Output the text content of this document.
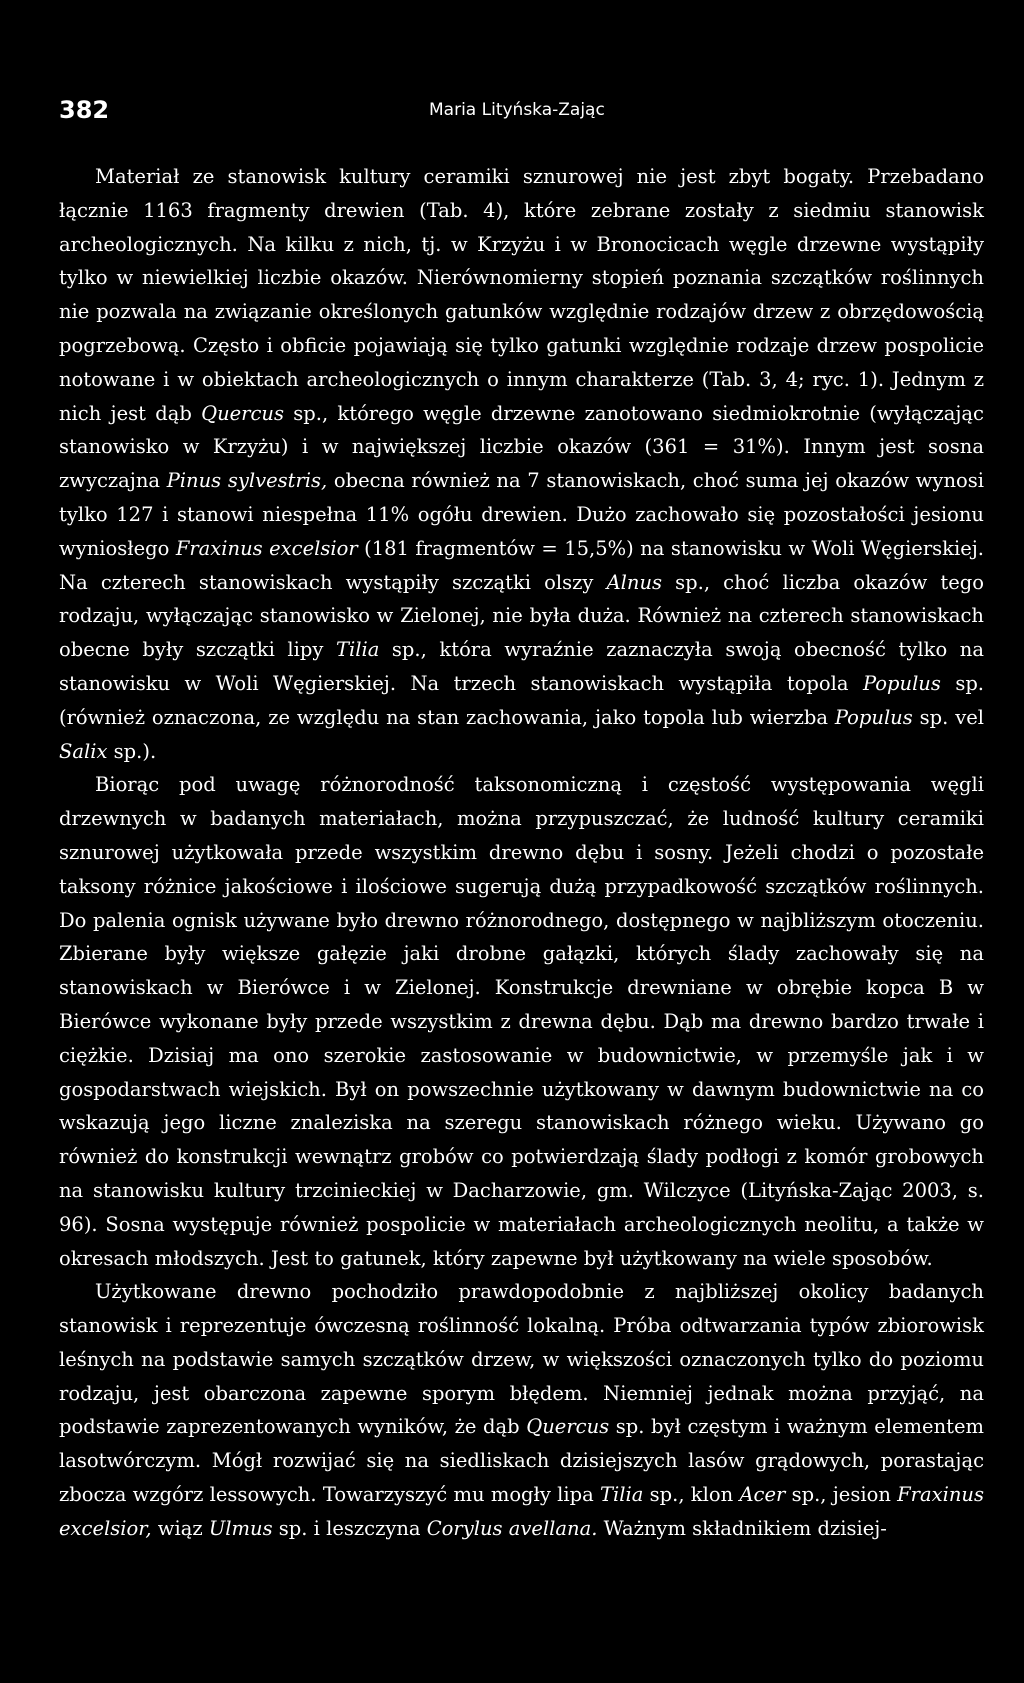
382	Maria Lityńska-Zając

Materiał ze stanowisk kultury ceramiki sznurowej nie jest zbyt bogaty. Przebadano łącznie 1163 fragmenty drewien (Tab. 4), które zebrane zostały z siedmiu stanowisk archeologicznych. Na kilku z nich, tj. w Krzyżu i w Bronocicach węgle drzewne wystąpiły tylko w niewielkiej liczbie okazów. Nierównomierny stopień poznania szczątków roślinnych nie pozwala na związanie określonych gatunków względnie rodzajów drzew z obrzędowością pogrzebową. Często i obficie pojawiają się tylko gatunki względnie rodzaje drzew pospolicie notowane i w obiektach archeologicznych o innym charakterze (Tab. 3, 4; ryc. 1). Jednym z nich jest dąb Quercus sp., którego węgle drzewne zanotowano siedmiokrotnie (wyłączając stanowisko w Krzyżu) i w największej liczbie okazów (361 = 31%). Innym jest sosna zwyczajna Pinus sylvestris, obecna również na 7 stanowiskach, choć suma jej okazów wynosi tylko 127 i stanowi niespełna 11% ogółu drewien. Dużo zachowało się pozostałości jesionu wyniosłego Fraxinus excelsior (181 fragmentów = 15,5%) na stanowisku w Woli Węgierskiej. Na czterech stanowiskach wystąpiły szczątki olszy Alnus sp., choć liczba okazów tego rodzaju, wyłączając stanowisko w Zielonej, nie była duża. Również na czterech stanowiskach obecne były szczątki lipy Tilia sp., która wyraźnie zaznaczyła swoją obecność tylko na stanowisku w Woli Węgierskiej. Na trzech stanowiskach wystąpiła topola Populus sp. (również oznaczona, ze względu na stan zachowania, jako topola lub wierzba Populus sp. vel Salix sp.).

Biorąc pod uwagę różnorodność taksonomiczną i częstość występowania węgli drzewnych w badanych materiałach, można przypuszczać, że ludność kultury ceramiki sznurowej użytkowała przede wszystkim drewno dębu i sosny. Jeżeli chodzi o pozostałe taksony różnice jakościowe i ilościowe sugerują dużą przypadkowość szczątków roślinnych. Do palenia ognisk używane było drewno różnorodnego, dostępnego w najbliższym otoczeniu. Zbierane były większe gałęzie jaki drobne gałązki, których ślady zachowały się na stanowiskach w Bierówce i w Zielonej. Konstrukcje drewniane w obrębie kopca B w Bierówce wykonane były przede wszystkim z drewna dębu. Dąb ma drewno bardzo trwałe i ciężkie. Dzisiaj ma ono szerokie zastosowanie w budownictwie, w przemyśle jak i w gospodarstwach wiejskich. Był on powszechnie użytkowany w dawnym budownictwie na co wskazują jego liczne znaleziska na szeregu stanowiskach różnego wieku. Używano go również do konstrukcji wewnątrz grobów co potwierdzają ślady podłogi z komór grobowych na stanowisku kultury trzcinieckiej w Dacharzowie, gm. Wilczyce (Lityńska-Zając 2003, s. 96). Sosna występuje również pospolicie w materiałach archeologicznych neolitu, a także w okresach młodszych. Jest to gatunek, który zapewne był użytkowany na wiele sposobów.

Użytkowane drewno pochodziło prawdopodobnie z najbliższej okolicy badanych stanowisk i reprezentuje ówczesną roślinność lokalną. Próba odtwarzania typów zbiorowisk leśnych na podstawie samych szczątków drzew, w większości oznaczonych tylko do poziomu rodzaju, jest obarczona zapewne sporym błędem. Niemniej jednak można przyjąć, na podstawie zaprezentowanych wyników, że dąb Quercus sp. był częstym i ważnym elementem lasotwórczym. Mógł rozwijać się na siedliskach dzisiejszych lasów grądowych, porastając zbocza wzgórz lessowych. Towarzyszyć mu mogły lipa Tilia sp., klon Acer sp., jesion Fraxinus excelsior, wiąz Ulmus sp. i leszczyna Corylus avellana. Ważnym składnikiem dzisiej-
